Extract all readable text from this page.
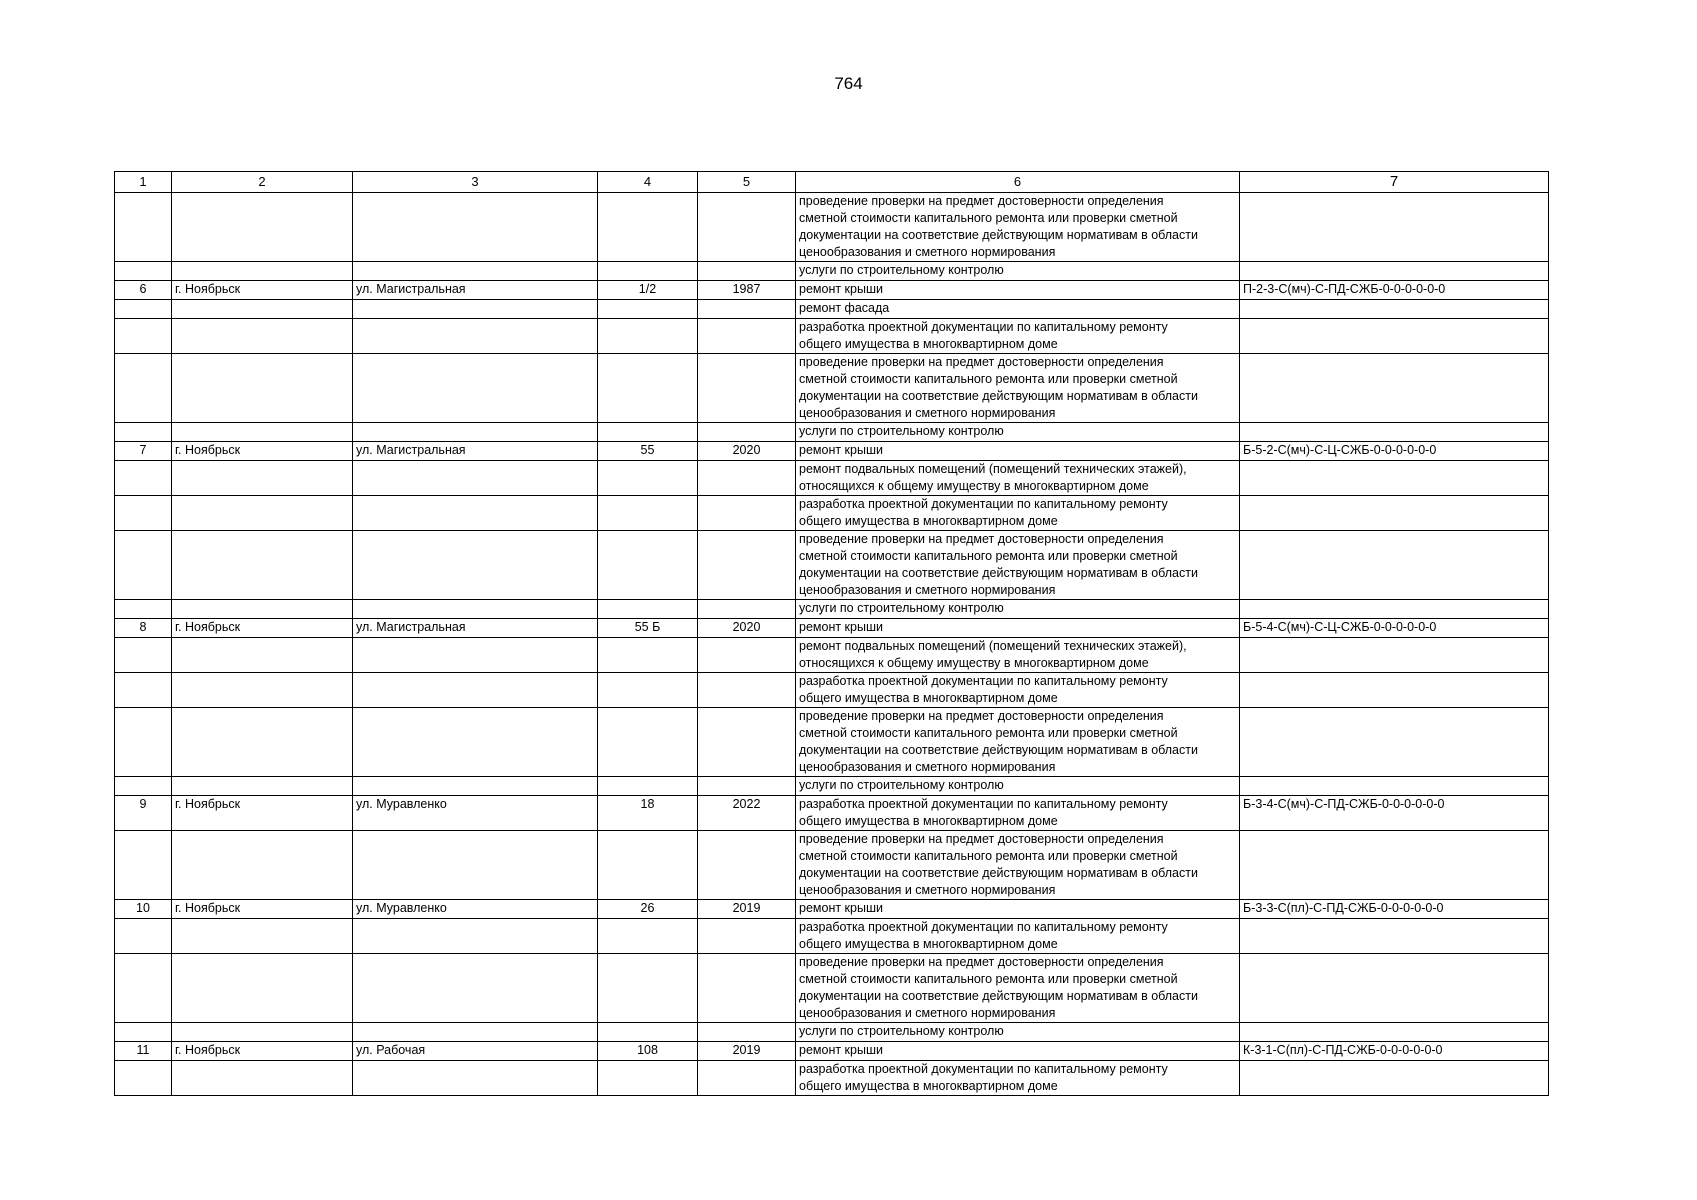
764
1	2	3	4	5	6	7

					проведение проверки на предмет достоверности определения
сметной стоимости капитального ремонта или проверки сметной
документации на соответствие действующим нормативам в области
ценообразования и сметного нормирования	

					услуги по строительному контролю	

6	г. Ноябрьск	ул. Магистральная	1/2	1987	ремонт крыши	П-2-3-С(мч)-С-ПД-СЖБ-0-0-0-0-0-0

					ремонт фасада	

					разработка проектной документации по капитальному ремонту
общего имущества в многоквартирном доме	

					проведение проверки на предмет достоверности определения
сметной стоимости капитального ремонта или проверки сметной
документации на соответствие действующим нормативам в области
ценообразования и сметного нормирования	

					услуги по строительному контролю	

7	г. Ноябрьск	ул. Магистральная	55	2020	ремонт крыши	Б-5-2-С(мч)-С-Ц-СЖБ-0-0-0-0-0-0

					ремонт подвальных помещений (помещений технических этажей),
относящихся к общему имуществу в многоквартирном доме	

					разработка проектной документации по капитальному ремонту
общего имущества в многоквартирном доме	

					проведение проверки на предмет достоверности определения
сметной стоимости капитального ремонта или проверки сметной
документации на соответствие действующим нормативам в области
ценообразования и сметного нормирования	

					услуги по строительному контролю	

8	г. Ноябрьск	ул. Магистральная	55 Б	2020	ремонт крыши	Б-5-4-С(мч)-С-Ц-СЖБ-0-0-0-0-0-0

					ремонт подвальных помещений (помещений технических этажей),
относящихся к общему имуществу в многоквартирном доме	

					разработка проектной документации по капитальному ремонту
общего имущества в многоквартирном доме	

					проведение проверки на предмет достоверности определения
сметной стоимости капитального ремонта или проверки сметной
документации на соответствие действующим нормативам в области
ценообразования и сметного нормирования	

					услуги по строительному контролю	

9	г. Ноябрьск	ул. Муравленко	18	2022	разработка проектной документации по капитальному ремонту
общего имущества в многоквартирном доме	Б-3-4-С(мч)-С-ПД-СЖБ-0-0-0-0-0-0

					проведение проверки на предмет достоверности определения
сметной стоимости капитального ремонта или проверки сметной
документации на соответствие действующим нормативам в области
ценообразования и сметного нормирования	

10	г. Ноябрьск	ул. Муравленко	26	2019	ремонт крыши	Б-3-3-С(пл)-С-ПД-СЖБ-0-0-0-0-0-0

					разработка проектной документации по капитальному ремонту
общего имущества в многоквартирном доме	

					проведение проверки на предмет достоверности определения
сметной стоимости капитального ремонта или проверки сметной
документации на соответствие действующим нормативам в области
ценообразования и сметного нормирования	

					услуги по строительному контролю	

11	г. Ноябрьск	ул. Рабочая	108	2019	ремонт крыши	К-3-1-С(пл)-С-ПД-СЖБ-0-0-0-0-0-0

					разработка проектной документации по капитальному ремонту
общего имущества в многоквартирном доме	
